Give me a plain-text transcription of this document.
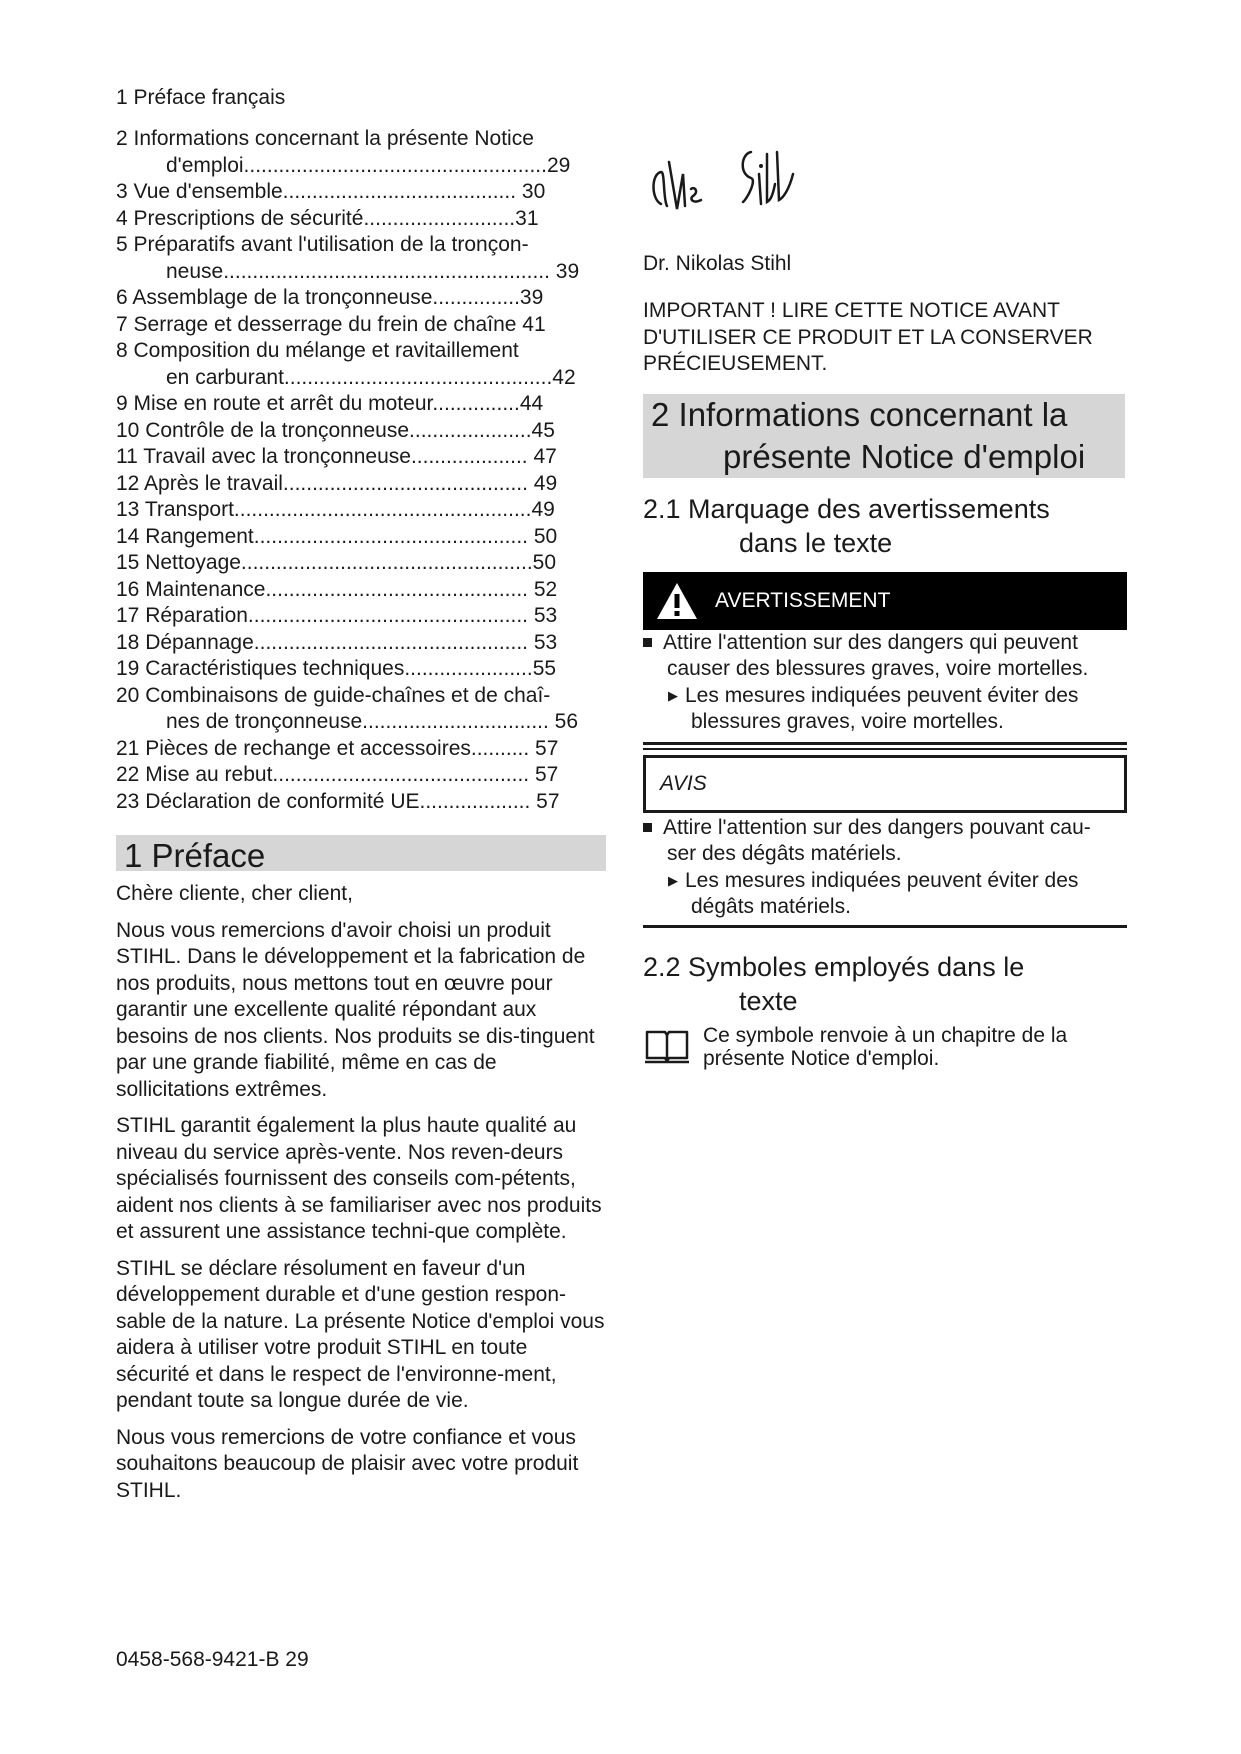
1 Préface français
2 Informations concernant la présente Notice
d'emploi....................................................29
3 Vue d'ensemble........................................ 30
4 Prescriptions de sécurité..........................31
5 Préparatifs avant l'utilisation de la tronçon-
neuse........................................................ 39
6 Assemblage de la tronçonneuse...............39
7 Serrage et desserrage du frein de chaîne 41
8 Composition du mélange et ravitaillement
en carburant..............................................42
9 Mise en route et arrêt du moteur...............44
10 Contrôle de la tronçonneuse.....................45
11 Travail avec la tronçonneuse.................... 47
12 Après le travail.......................................... 49
13 Transport...................................................49
14 Rangement............................................... 50
15 Nettoyage..................................................50
16 Maintenance............................................. 52
17 Réparation................................................ 53
18 Dépannage............................................... 53
19 Caractéristiques techniques......................55
20 Combinaisons de guide-chaînes et de chaî-
nes de tronçonneuse................................ 56
21 Pièces de rechange et accessoires.......... 57
22 Mise au rebut............................................ 57
23 Déclaration de conformité UE................... 57
1 Préface

Chère cliente, cher client,

Nous vous remercions d'avoir choisi un produit STIHL. Dans le développement et la fabrication de nos produits, nous mettons tout en œuvre pour garantir une excellente qualité répondant aux besoins de nos clients. Nos produits se dis-tinguent par une grande fiabilité, même en cas de sollicitations extrêmes.

STIHL garantit également la plus haute qualité au niveau du service après-vente. Nos reven-deurs spécialisés fournissent des conseils com-pétents, aident nos clients à se familiariser avec nos produits et assurent une assistance techni-que complète.

STIHL se déclare résolument en faveur d'un développement durable et d'une gestion respon-sable de la nature. La présente Notice d'emploi vous aidera à utiliser votre produit STIHL en toute sécurité et dans le respect de l'environne-ment, pendant toute sa longue durée de vie.

Nous vous remercions de votre confiance et vous souhaitons beaucoup de plaisir avec votre produit STIHL.

Dr. Nikolas Stihl
IMPORTANT ! LIRE CETTE NOTICE AVANT D'UTILISER CE PRODUIT ET LA CONSERVER PRÉCIEUSEMENT.
2 Informations concernant la
présente Notice d'emploi
2.1 Marquage des avertissements
dans le texte
AVERTISSEMENT
Attire l'attention sur des dangers qui peuvent
causer des blessures graves, voire mortelles.
▶ Les mesures indiquées peuvent éviter des
blessures graves, voire mortelles.
AVIS
Attire l'attention sur des dangers pouvant cau-
ser des dégâts matériels.
▶ Les mesures indiquées peuvent éviter des
dégâts matériels.
2.2 Symboles employés dans le
texte
Ce symbole renvoie à un chapitre de la présente Notice d'emploi.
0458-568-9421-B 29
